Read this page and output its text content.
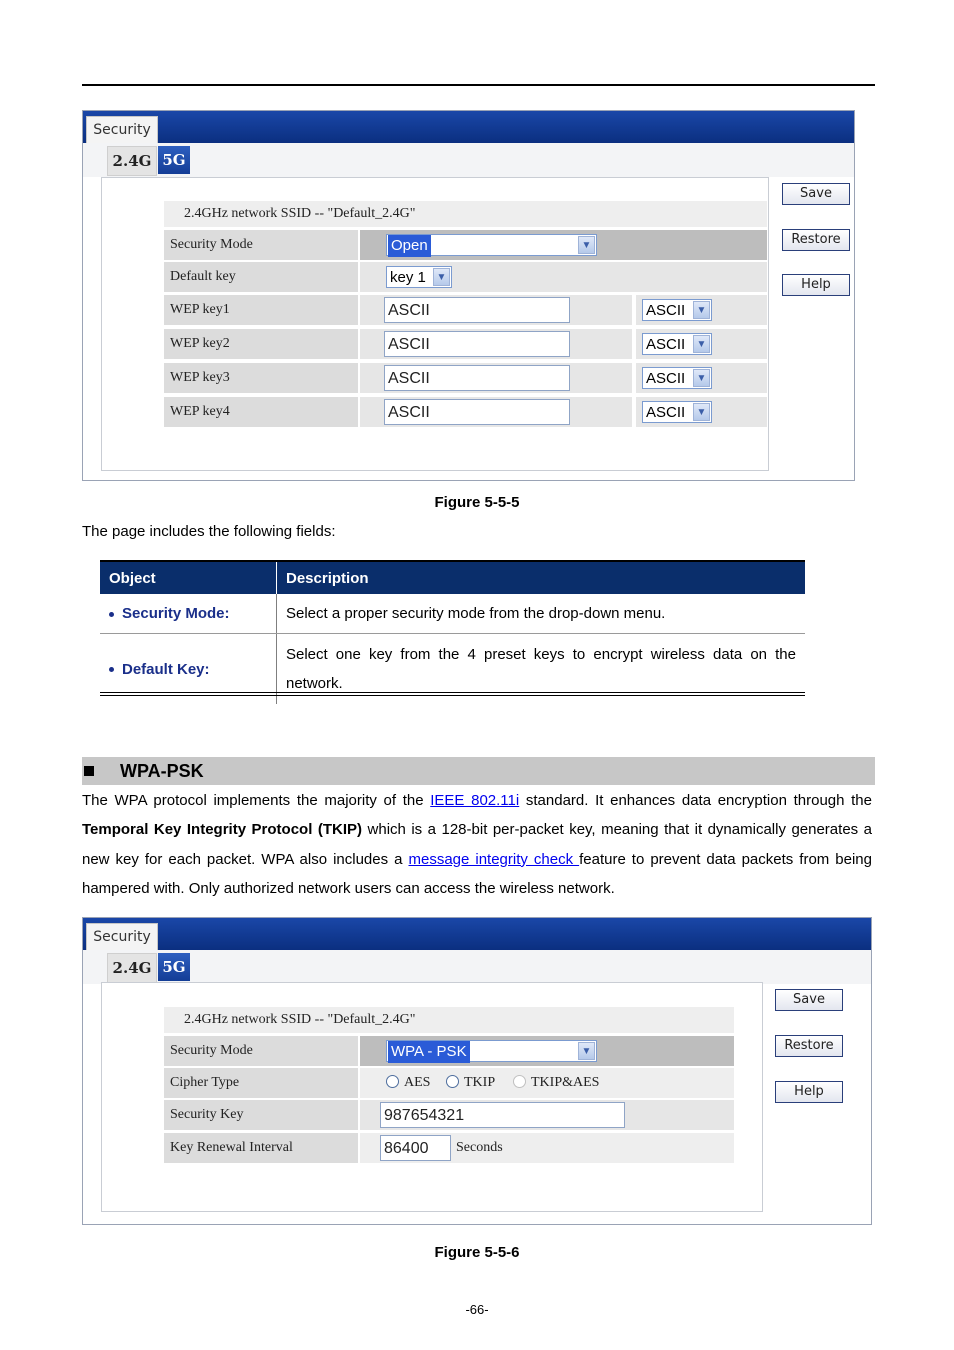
Security
2.4G 5G
2.4GHz network SSID -- "Default_2.4G"
Security Mode	Open	▼
Default key	key 1	▼
WEP key1	ASCII	ASCII	▼
WEP key2	ASCII	ASCII	▼
WEP key3	ASCII	ASCII	▼
WEP key4	ASCII	ASCII	▼
Save
Restore
Help
Figure 5-5-5
The page includes the following fields:
Object	Description
Security Mode:	Select a proper security mode from the drop-down menu.
Default Key:	Select one key from the 4 preset keys to encrypt wireless data on the network.
WPA-PSK
The WPA protocol implements the majority of the IEEE 802.11i standard. It enhances data encryption through the Temporal Key Integrity Protocol (TKIP) which is a 128-bit per-packet key, meaning that it dynamically generates a new key for each packet. WPA also includes a message integrity check feature to prevent data packets from being hampered with. Only authorized network users can access the wireless network.
Security
2.4G 5G
2.4GHz network SSID -- "Default_2.4G"
Security Mode	WPA - PSK	▼
Cipher Type	AES TKIP	TKIP&AES
Security Key	987654321
Key Renewal Interval	86400	Seconds
Save
Restore
Help
Figure 5-5-6
-66-
